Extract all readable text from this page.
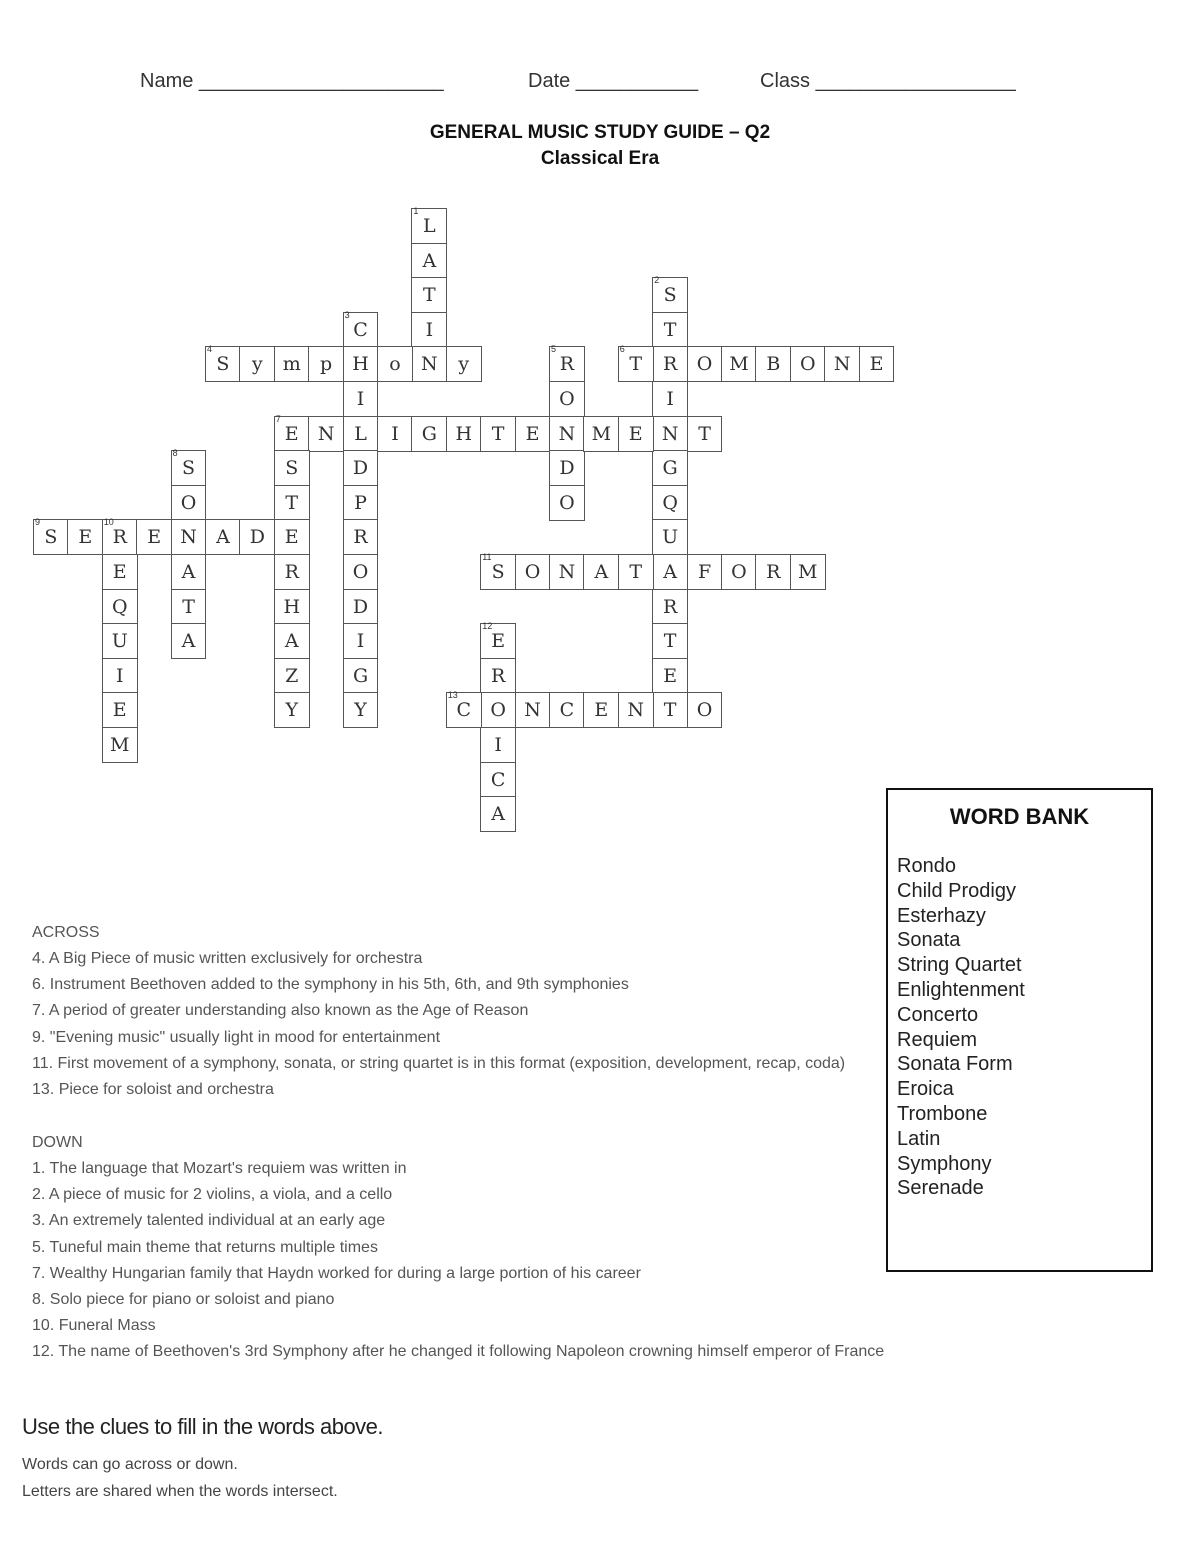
Name ______________________	Date ___________	Class __________________
GENERAL MUSIC STUDY GUIDE – Q2
Classical Era
1
L
A
T
I
N
2
S
T
R
I
N
G
Q
U
A
R
T
E
T
3
C
H
I
L
D
P
R
O
D
I
G
Y
4
S y m p	o	y
5
R
O
N
D
O
6
T	O M B O N E
7
E N	I G H T E	M E	T
S
T
E
R
H
A
Z
Y
8
S
O
N
A
T
A
9
S E
10
R E	A D
E
Q
U
I
E
M
11
S O N A T	F O R M
12
E
R
O
I
C
A
13
C	N C E N	O
ACROSS
4. A Big Piece of music written exclusively for orchestra
6. Instrument Beethoven added to the symphony in his 5th, 6th, and 9th symphonies
7. A period of greater understanding also known as the Age of Reason
9. "Evening music" usually light in mood for entertainment
11. First movement of a symphony, sonata, or string quartet is in this format (exposition, development, recap, coda)
13. Piece for soloist and orchestra
DOWN
1. The language that Mozart's requiem was written in
2. A piece of music for 2 violins, a viola, and a cello
3. An extremely talented individual at an early age
5. Tuneful main theme that returns multiple times
7. Wealthy Hungarian family that Haydn worked for during a large portion of his career
8. Solo piece for piano or soloist and piano
10. Funeral Mass
12. The name of Beethoven's 3rd Symphony after he changed it following Napoleon crowning himself emperor of France
WORD BANK
Rondo
Child Prodigy
Esterhazy
Sonata
String Quartet
Enlightenment
Concerto
Requiem
Sonata Form
Eroica
Trombone
Latin
Symphony
Serenade
Use the clues to fill in the words above.
Words can go across or down.
Letters are shared when the words intersect.
